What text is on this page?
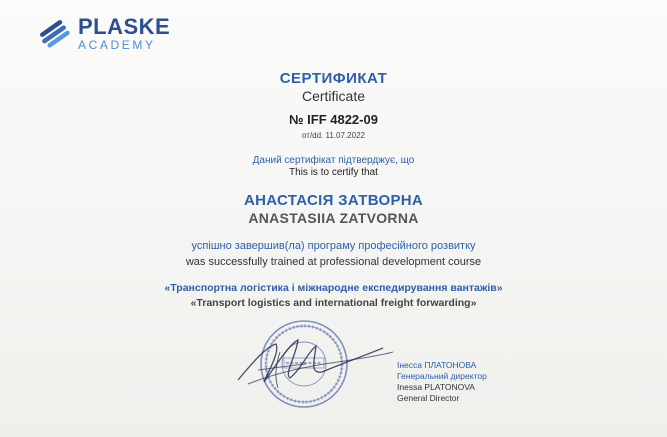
PLASKE
ACADEMY
СЕРТИФИКАТ
Certificate
№ IFF 4822-09
от/dd. 11.07.2022
Даний сертифікат підтверджує, що
This is to certify that
АНАСТАСІЯ ЗАТВОРНА
ANASTASIIA ZATVORNA
успішно завершив(ла) програму професійного розвитку
was successfully trained at professional development course
«Транспортна логістика і міжнародне експедирування вантажів»
«Transport logistics and international freight forwarding»
Інесса ПЛАТОНОВА
Генеральний директор
Inessa PLATONOVA
General Director
